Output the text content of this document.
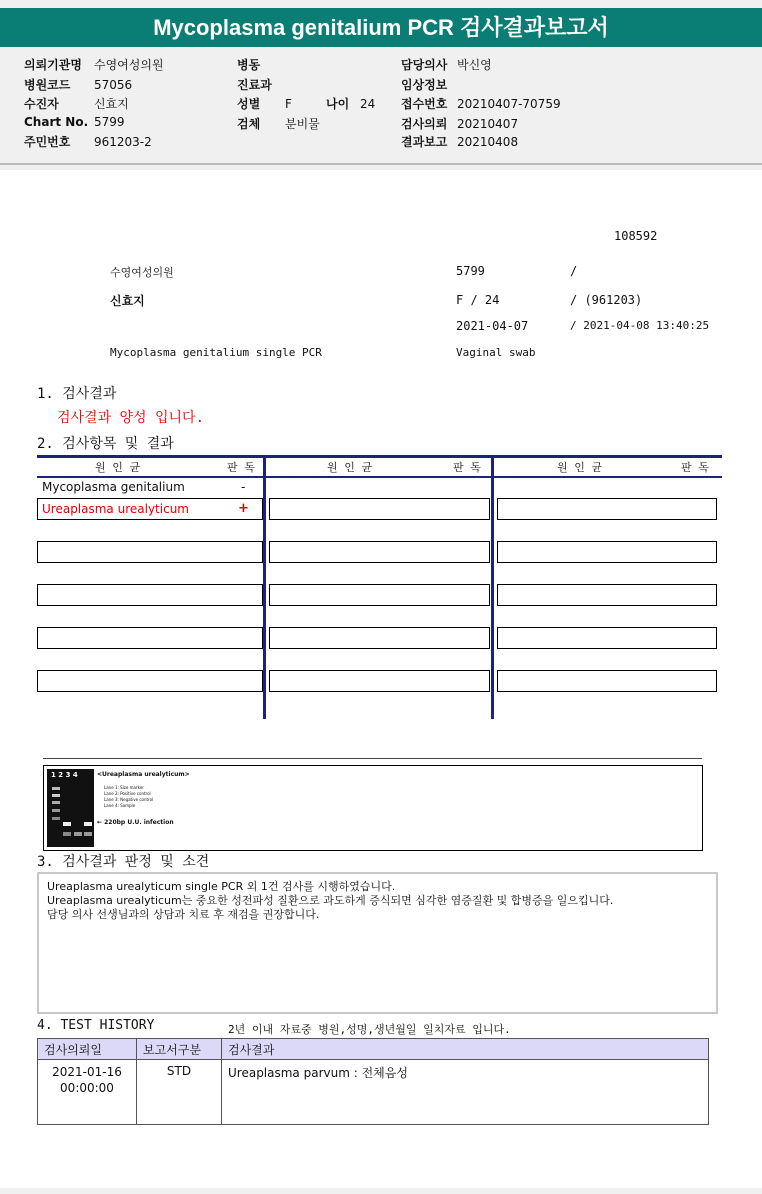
Mycoplasma genitalium PCR 검사결과보고서
의뢰기관명 수영여성의원
병원코드 57056
수진자	신효지
Chart No. 5799
주민번호 961203-2
병동
진료과
성별 F	나이 24
검체 분비물
담당의사 박신영
임상정보
접수번호 20210407-70759
검사의뢰 20210407
결과보고 20210408
108592
수영여성의원	5799	/
신효지	F / 24	/ (961203)
2021-04-07	/ 2021-04-08 13:40:25
Mycoplasma genitalium single PCR	Vaginal swab
1. 검사결과
검사결과 양성 입니다.
2. 검사항목 및 결과
원 인 균	판 독	원 인 균	판 독	원 인 균	판 독
Mycoplasma genitalium	-
Ureaplasma urealyticum	+
1 2 3 4	<Ureaplasma urealyticum>
Lane 1: Size marker
Lane 2: Positive control
Lane 3: Negative control
Lane 4: Sample
← 220bp U.U. infection
3. 검사결과 판정 및 소견
Ureaplasma urealyticum single PCR 외 1건 검사를 시행하였습니다.
Ureaplasma urealyticum는 중요한 성전파성 질환으로 과도하게 증식되면 심각한 염증질환 및 합병증을 일으킵니다.
담당 의사 선생님과의 상담과 치료 후 재검을 권장합니다.
4. TEST HISTORY	2년 이내 자료중 병원,성명,생년월일 일치자료 입니다.
검사의뢰일	보고서구분	검사결과

2021-01-16
00:00:00	STD	Ureaplasma parvum : 전체음성
